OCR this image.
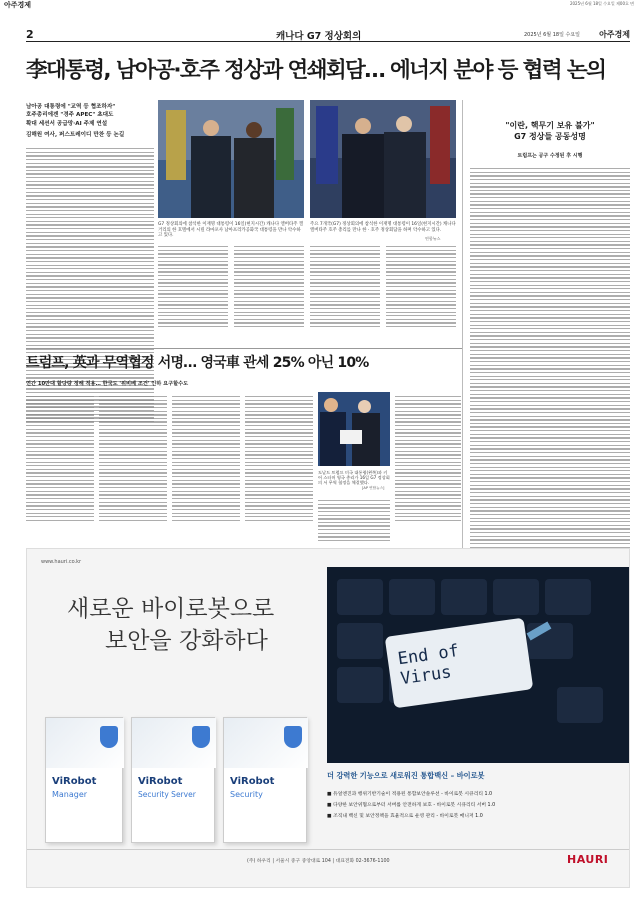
아주경제	2025년 6월 18일 수요일 제00호 면
2	캐나다 G7 정상회의	2025년 6월 18일 수요일 아주경제
李대통령, 남아공·호주 정상과 연쇄회담… 에너지 분야 등 협력 논의
남아공 대통령에 "교역 등 협조하자"
호주총리에겐 "경주 APEC" 초대도
확대 세션서 공급망·AI 주제 연설
김해원 여사, 퍼스트레이디 만찬 등 논길
G7 정상회의에 참석한 이재명 대통령이 16일(현지시간) 캐나다 앨버타주 캘거리의 한 호텔에서 시릴 라마포사 남아프리카공화국 대통령을 만나 악수하고 있다.
주요 7개국(G7) 정상회의에 참석한 이재명 대통령이 16일(현지시간) 캐나다 앨버타주 호주 총리를 만나 한 · 호주 정상회담을 하며 악수하고 있다.
연합뉴스
"이란, 핵무기 보유 불가"
G7 정상들 공동성명
트럼프는 공구 수정된 후 시행
트럼프, 英과 무역협정 서명… 영국車 관세 25% 아닌 10%
연간 10만대 할당량 정해 적용… 한국도 '위비베 조건' 인하 요구할수도
도날드 트럼프 미국 대통령(왼쪽)과 키어 스타머 영국 총리가 16일 G7 정상회의 서 무역 협정을 체결했다.
[AP 연합뉴스]
www.hauri.co.kr
End of Virus
새로운 바이로봇으로
보안을 강화하다
ViRobot
Manager
ViRobot
Security Server
ViRobot
Security
더 강력한 기능으로 새로워진 통합백신 – 바이로봇
■ 듀얼엔진과 행위기반기술이 적용된 통합보안솔루션 - 바이로봇 시큐리티 1.0
■ 다양한 보안위협으로부터 서버를 안전하게 보호 - 바이로봇 시큐리티 서버 1.0
■ 조직내 백신 및 보안정책을 효율적으로 운영 관리 - 바이로봇 매니저 1.0
(주) 하우리 | 서울시 중구 중앙대로 104 | 대표전화 02-3676-1100	HAURI
